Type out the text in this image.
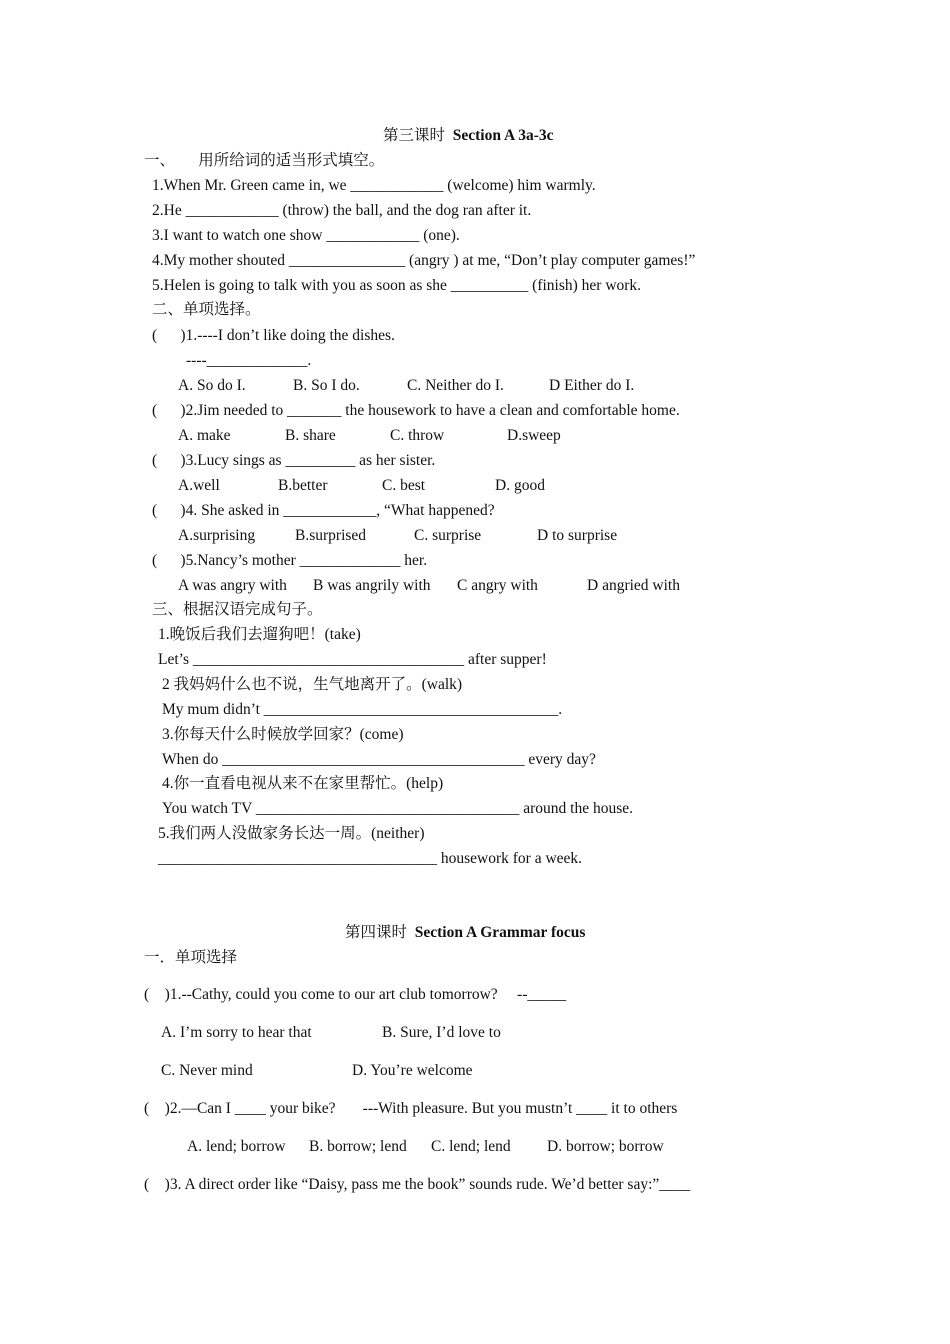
第三课时 Section A 3a-3c
一、      用所给词的适当形式填空。
1.When Mr. Green came in, we ____________ (welcome) him warmly.
2.He ____________ (throw) the ball, and the dog ran after it.
3.I want to watch one show ____________ (one).
4.My mother shouted _______________ (angry ) at me, “Don’t play computer games!”
5.Helen is going to talk with you as soon as she __________ (finish) her work.
二、单项选择。
(      )1.----I don’t like doing the dishes.
----_____________.
A. So do I.	B. So I do.	C. Neither do I.	D Either do I.
(      )2.Jim needed to _______ the housework to have a clean and comfortable home.
A. make	B. share	C. throw	D.sweep
(      )3.Lucy sings as _________ as her sister.
A.well	B.better	C. best	D. good
(      )4. She asked in ____________, “What happened?
A.surprising	B.surprised	C. surprise	D to surprise
(      )5.Nancy’s mother _____________ her.
A was angry with B was angrily with C angry with	D angried with
三、根据汉语完成句子。
1.晚饭后我们去遛狗吧！(take)
Let’s ___________________________________ after supper!
2 我妈妈什么也不说，生气地离开了。(walk)
My mum didn’t ______________________________________.
3.你每天什么时候放学回家？(come)
When do _______________________________________ every day?
4.你一直看电视从来不在家里帮忙。(help)
You watch TV __________________________________ around the house.
5.我们两人没做家务长达一周。(neither)
____________________________________ housework for a week.
第四课时 Section A Grammar focus
一．单项选择
(    )1.--Cathy, could you come to our art club tomorrow?     --_____
A. I’m sorry to hear that	B. Sure, I’d love to
C. Never mind	D. You’re welcome
(    )2.—Can I ____ your bike?       ---With pleasure. But you mustn’t ____ it to others
A. lend; borrow B. borrow; lend C. lend; lend D. borrow; borrow
(    )3. A direct order like “Daisy, pass me the book” sounds rude. We’d better say:”____
